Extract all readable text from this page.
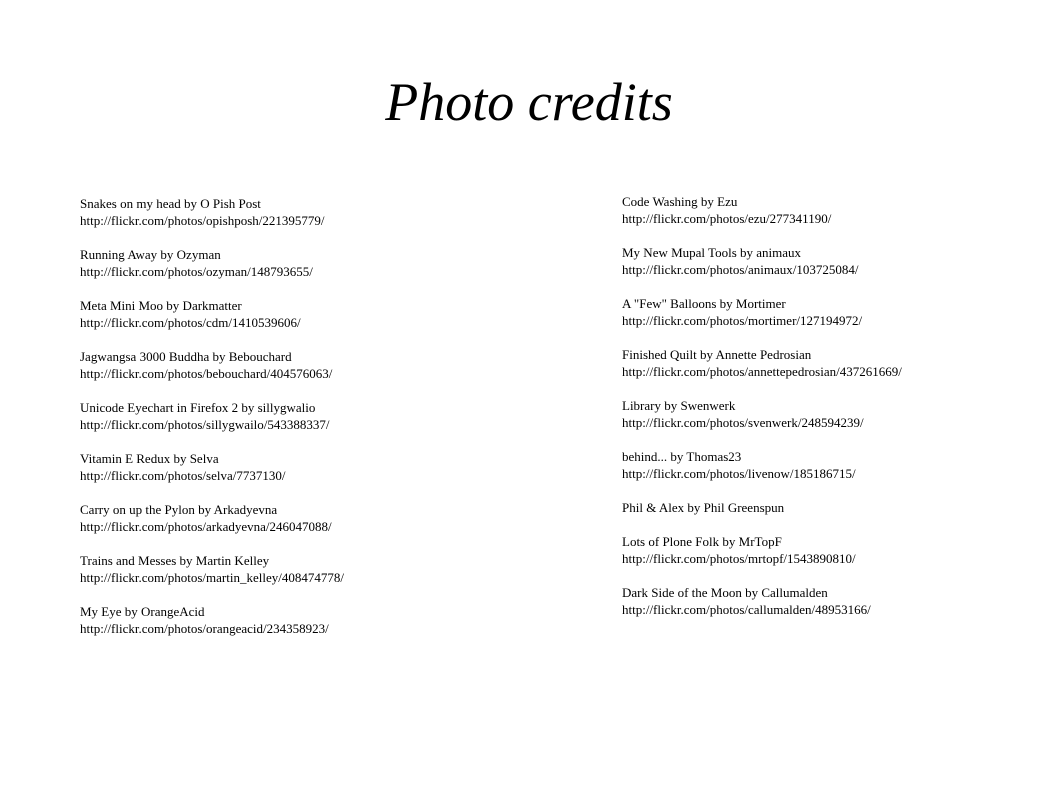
Photo credits
Snakes on my head by O Pish Post
http://flickr.com/photos/opishposh/221395779/
Running Away by Ozyman
http://flickr.com/photos/ozyman/148793655/
Meta Mini Moo by Darkmatter
http://flickr.com/photos/cdm/1410539606/
Jagwangsa 3000 Buddha by Bebouchard
http://flickr.com/photos/bebouchard/404576063/
Unicode Eyechart in Firefox 2 by sillygwalio
http://flickr.com/photos/sillygwailo/543388337/
Vitamin E Redux by Selva
http://flickr.com/photos/selva/7737130/
Carry on up the Pylon by Arkadyevna
http://flickr.com/photos/arkadyevna/246047088/
Trains and Messes by Martin Kelley
http://flickr.com/photos/martin_kelley/408474778/
My Eye by OrangeAcid
http://flickr.com/photos/orangeacid/234358923/
Code Washing by Ezu
http://flickr.com/photos/ezu/277341190/
My New Mupal Tools by animaux
http://flickr.com/photos/animaux/103725084/
A "Few" Balloons by Mortimer
http://flickr.com/photos/mortimer/127194972/
Finished Quilt by Annette Pedrosian
http://flickr.com/photos/annettepedrosian/437261669/
Library by Swenwerk
http://flickr.com/photos/svenwerk/248594239/
behind... by Thomas23
http://flickr.com/photos/livenow/185186715/
Phil & Alex by Phil Greenspun
Lots of Plone Folk by MrTopF
http://flickr.com/photos/mrtopf/1543890810/
Dark Side of the Moon by Callumalden
http://flickr.com/photos/callumalden/48953166/
